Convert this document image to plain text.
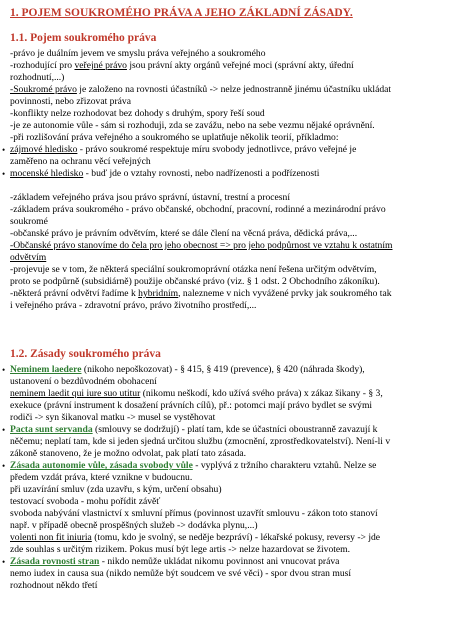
1. POJEM SOUKROMÉHO PRÁVA A JEHO ZÁKLADNÍ ZÁSADY.
1.1. Pojem soukromého práva
-právo je duálním jevem ve smyslu práva veřejného a soukromého
-rozhodující pro veřejné právo jsou právní akty orgánů veřejné moci (správní akty, úřední
rozhodnutí,...)
-Soukromé právo je založeno na rovnosti účastníků -> nelze jednostranně jinému účastníku ukládat
povinnosti, nebo zřizovat práva
-konflikty nelze rozhodovat bez dohody s druhým, spory řeší soud
-je ze autonomie vůle - sám si rozhoduji, zda se zavážu, nebo na sebe vezmu nějaké oprávnění.
-při rozlišování práva veřejného a soukromého se uplatňuje několik teorií, příkladmo:
• zájmové hledisko - právo soukromé respektuje míru svobody jednotlivce, právo veřejné je
zaměřeno na ochranu věcí veřejných
• mocenské hledisko - buď jde o vztahy rovnosti, nebo nadřízenosti a podřízenosti
-základem veřejného práva jsou právo správní, ústavní, trestní a procesní
-základem práva soukromého - právo občanské, obchodní, pracovní, rodinné a mezinárodní právo
soukromé
-občanské právo je právním odvětvím, které se dále člení na věcná práva, dědická práva,...
-Občanské právo stanovíme do čela pro jeho obecnost => pro jeho podpůrnost ve vztahu k ostatním
odvětvím
-projevuje se v tom, že některá speciální soukromoprávní otázka není řešena určitým odvětvím,
proto se podpůrně (subsidiárně) použije občanské právo (viz. § 1 odst. 2 Obchodního zákoníku).
-některá právní odvětví řadíme k hybridním, nalezneme v nich vyvážené prvky jak soukromého tak
i veřejného práva - zdravotní právo, právo životního prostředí,...
1.2. Zásady soukromého práva
• Neminem laedere (nikoho nepoškozovat) - § 415, § 419 (prevence), § 420 (náhrada škody),
ustanovení o bezdůvodném obohacení
neminem laedit qui iure suo utitur (nikomu neškodí, kdo užívá svého práva) x zákaz šikany - § 3,
exekuce (právní instrument k dosažení právních cílů), př.: potomci mají právo bydlet se svými
rodiči -> syn šikanoval matku -> musel se vystěhovat
• Pacta sunt servanda (smlouvy se dodržují) - platí tam, kde se účastníci oboustranně zavazují k
něčemu; neplatí tam, kde si jeden sjedná určitou službu (zmocnění, zprostředkovatelství). Není-li v
zákoně stanoveno, že je možno odvolat, pak platí tato zásada.
• Zásada autonomie vůle, zásada svobody vůle - vyplývá z tržního charakteru vztahů. Nelze se
předem vzdát práva, které vznikne v budoucnu.
při uzavírání smluv (zda uzavřu, s kým, určení obsahu)
testovací svoboda - mohu pořídit závěť
svoboda nabývání vlastnictví x smluvní přímus (povinnost uzavřít smlouvu - zákon toto stanoví
např. v případě obecně prospěšných služeb -> dodávka plynu,...)
volenti non fit iniuria (tomu, kdo je svolný, se neděje bezpráví) - lékařské pokusy, reversy -> jde
zde souhlas s určitým rizikem. Pokus musí být lege artis -> nelze hazardovat se životem.
• Zásada rovnosti stran - nikdo nemůže ukládat nikomu povinnost ani vnucovat práva
nemo iudex in causa sua (nikdo nemůže být soudcem ve své věci) - spor dvou stran musí
rozhodnout někdo třetí
